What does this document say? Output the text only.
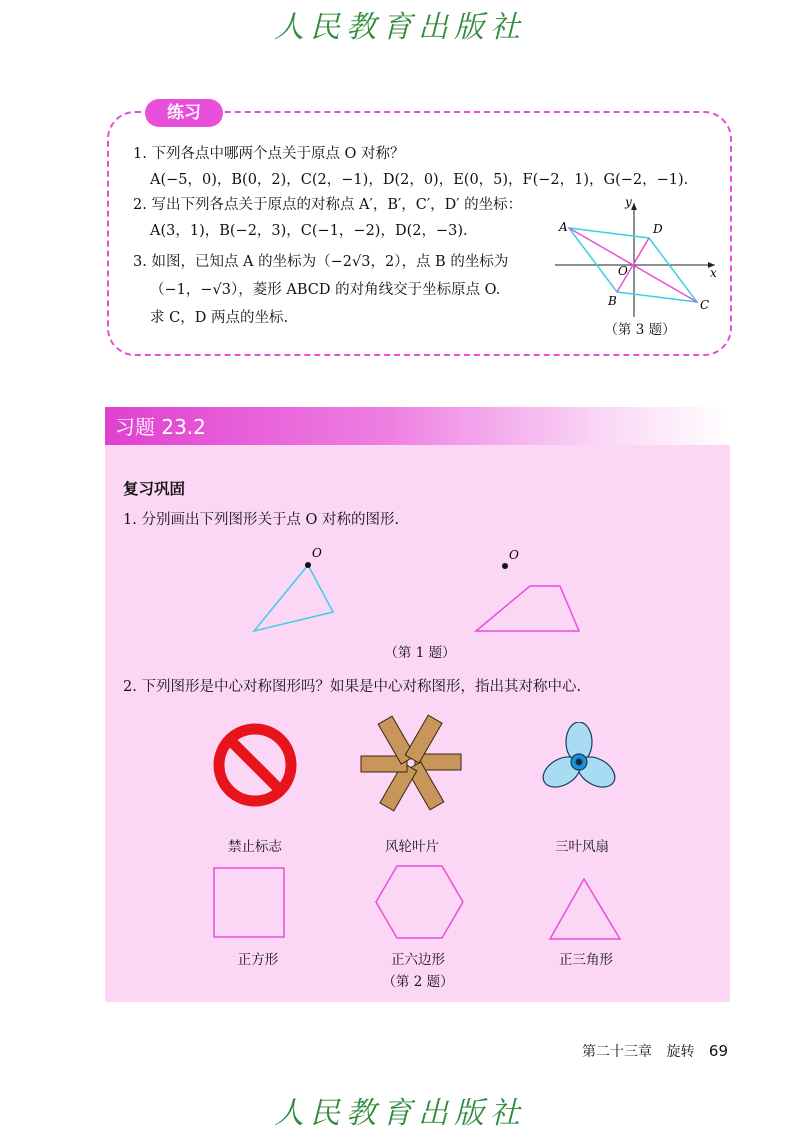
人民教育出版社
练习
1. 下列各点中哪两个点关于原点 O 对称？
A(−5，0)，B(0，2)，C(2，−1)，D(2，0)，E(0，5)，F(−2，1)，G(−2，−1).
2. 写出下列各点关于原点的对称点 A′，B′，C′，D′ 的坐标：
A(3，1)，B(−2，3)，C(−1，−2)，D(2，−3).
3. 如图，已知点 A 的坐标为（−2√3，2），点 B 的坐标为
（−1，−√3），菱形 ABCD 的对角线交于坐标原点 O.
求 C，D 两点的坐标.
y
x
A
B	C
D
O
（第 3 题）
习题 23.2
复习巩固
1. 分别画出下列图形关于点 O 对称的图形.
O	O
（第 1 题）
2. 下列图形是中心对称图形吗？如果是中心对称图形，指出其对称中心.
禁止标志	风轮叶片	三叶风扇
正方形	正六边形	正三角形
（第 2 题）
第二十三章 旋转 69
人民教育出版社
